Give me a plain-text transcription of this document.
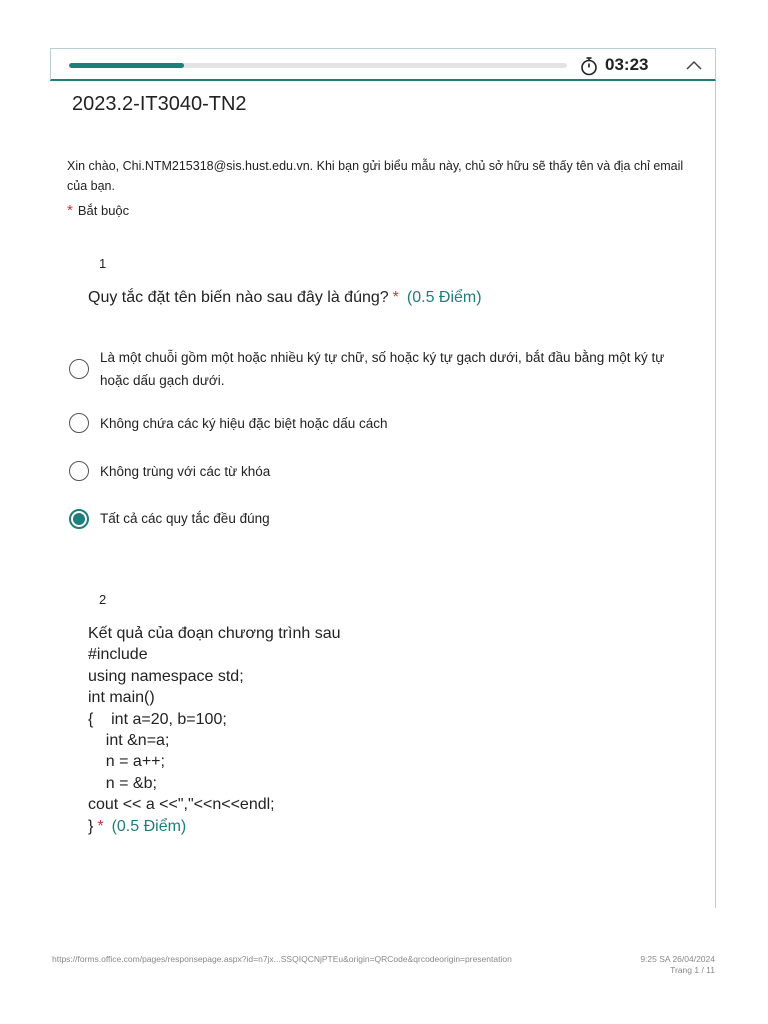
03:23
2023.2-IT3040-TN2
Xin chào, Chi.NTM215318@sis.hust.edu.vn. Khi bạn gửi biểu mẫu này, chủ sở hữu sẽ thấy tên và địa chỉ email của bạn.
* Bắt buộc
1
Quy tắc đặt tên biến nào sau đây là đúng? * (0.5 Điểm)
Là một chuỗi gồm một hoặc nhiều ký tự chữ, số hoặc ký tự gạch dưới, bắt đầu bằng một ký tự hoặc dấu gạch dưới.
Không chứa các ký hiệu đặc biệt hoặc dấu cách
Không trùng với các từ khóa
Tất cả các quy tắc đều đúng
2
Kết quả của đoạn chương trình sau
#include
using namespace std;
int main()
{    int a=20, b=100;
int &n=a;
n = a++;
n = &b;
cout << a <<","<<n<<endl;
} * (0.5 Điểm)
https://forms.office.com/pages/responsepage.aspx?id=n7jx...SSQIQCNjPTEu&origin=QRCode&qrcodeorigin=presentation	9:25 SA 26/04/2024
Trang 1 / 11
